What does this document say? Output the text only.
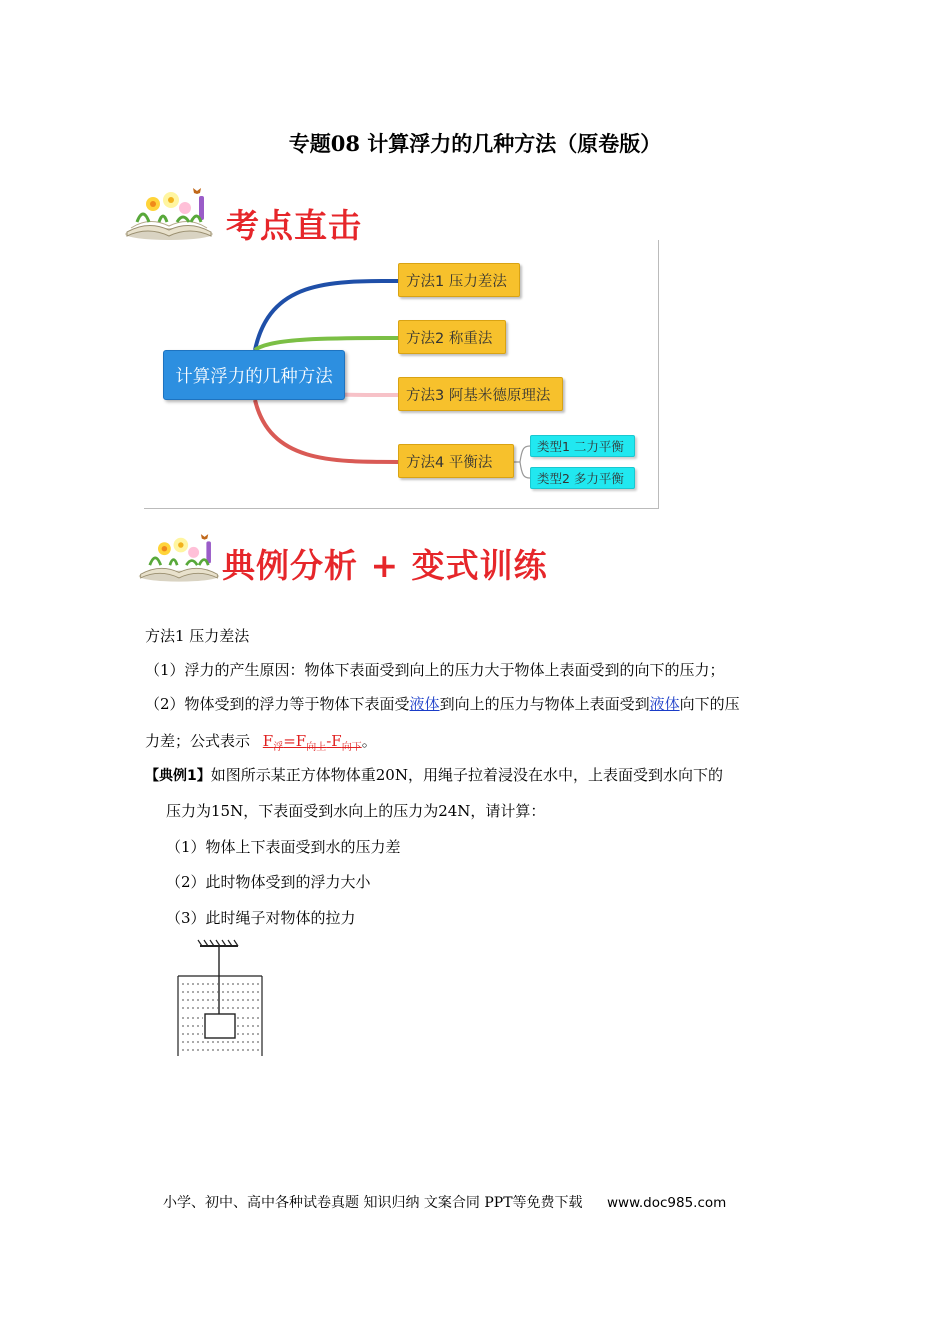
专题08 计算浮力的几种方法（原卷版）
考点直击
计算浮力的几种方法
方法1 压力差法
方法2 称重法
方法3 阿基米德原理法
方法4 平衡法
类型1 二力平衡
类型2 多力平衡
典例分析 + 变式训练
方法1 压力差法
（1）浮力的产生原因：物体下表面受到向上的压力大于物体上表面受到的向下的压力；
（2）物体受到的浮力等于物体下表面受液体到向上的压力与物体上表面受到液体向下的压
力差；公式表示 $F_浮=F_{向上}-F_{向下}$。
【典例1】如图所示某正方体物体重20N，用绳子拉着浸没在水中，上表面受到水向下的
压力为15N，下表面受到水向上的压力为24N，请计算：
（1）物体上下表面受到水的压力差
（2）此时物体受到的浮力大小
（3）此时绳子对物体的拉力
小学、初中、高中各种试卷真题 知识归纳 文案合同 PPT等免费下载 www.doc985.com
